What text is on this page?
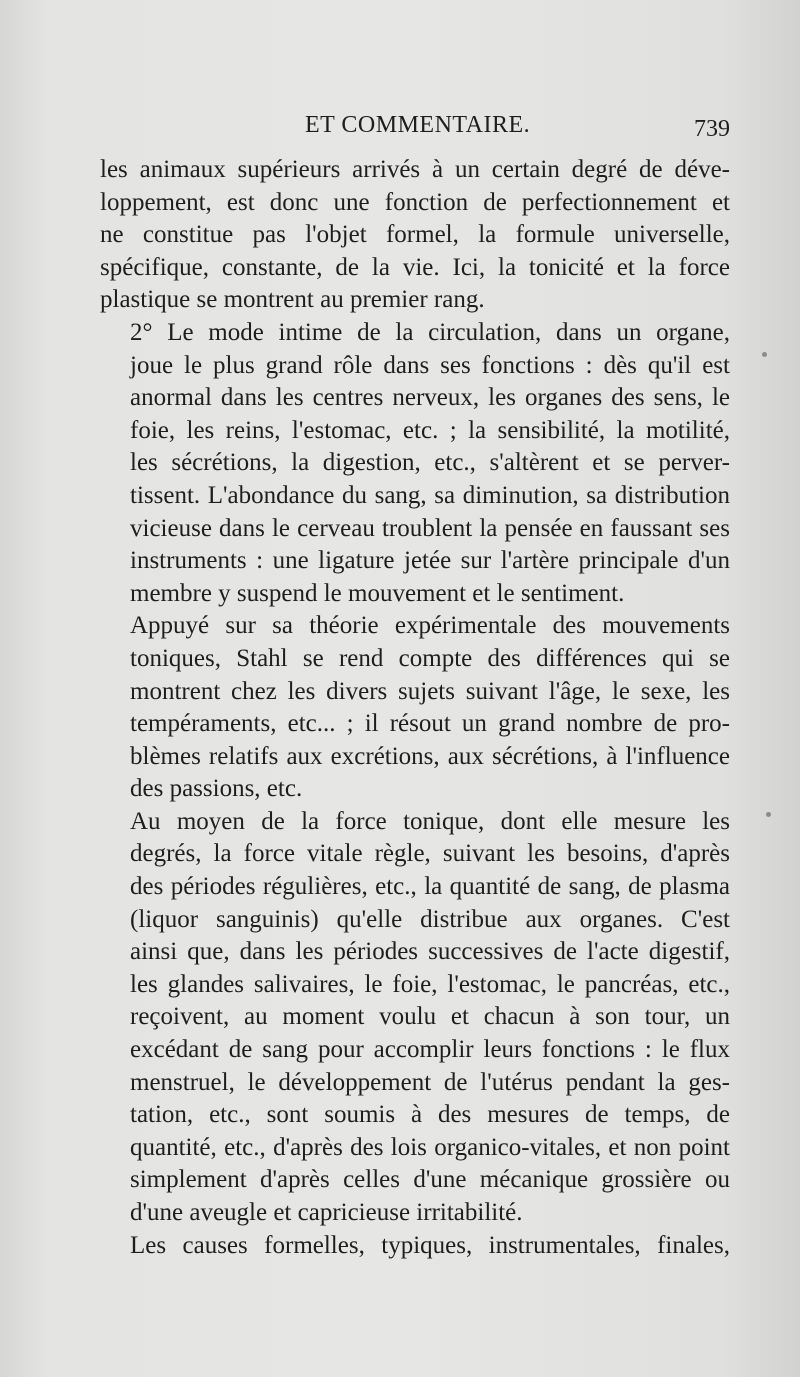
ET COMMENTAIRE.	739

les animaux supérieurs arrivés à un certain degré de déve-
loppement, est donc une fonction de perfectionnement et
ne constitue pas l'objet formel, la formule universelle,
spécifique, constante, de la vie. Ici, la tonicité et la force
plastique se montrent au premier rang.

2° Le mode intime de la circulation, dans un organe,
joue le plus grand rôle dans ses fonctions : dès qu'il est
anormal dans les centres nerveux, les organes des sens, le
foie, les reins, l'estomac, etc. ; la sensibilité, la motilité,
les sécrétions, la digestion, etc., s'altèrent et se perver-
tissent. L'abondance du sang, sa diminution, sa distribution
vicieuse dans le cerveau troublent la pensée en faussant ses
instruments : une ligature jetée sur l'artère principale d'un
membre y suspend le mouvement et le sentiment.

Appuyé sur sa théorie expérimentale des mouvements
toniques, Stahl se rend compte des différences qui se
montrent chez les divers sujets suivant l'âge, le sexe, les
tempéraments, etc... ; il résout un grand nombre de pro-
blèmes relatifs aux excrétions, aux sécrétions, à l'influence
des passions, etc.

Au moyen de la force tonique, dont elle mesure les
degrés, la force vitale règle, suivant les besoins, d'après
des périodes régulières, etc., la quantité de sang, de plasma
(liquor sanguinis) qu'elle distribue aux organes. C'est
ainsi que, dans les périodes successives de l'acte digestif,
les glandes salivaires, le foie, l'estomac, le pancréas, etc.,
reçoivent, au moment voulu et chacun à son tour, un
excédant de sang pour accomplir leurs fonctions : le flux
menstruel, le développement de l'utérus pendant la ges-
tation, etc., sont soumis à des mesures de temps, de
quantité, etc., d'après des lois organico-vitales, et non point
simplement d'après celles d'une mécanique grossière ou
d'une aveugle et capricieuse irritabilité.

Les causes formelles, typiques, instrumentales, finales,
